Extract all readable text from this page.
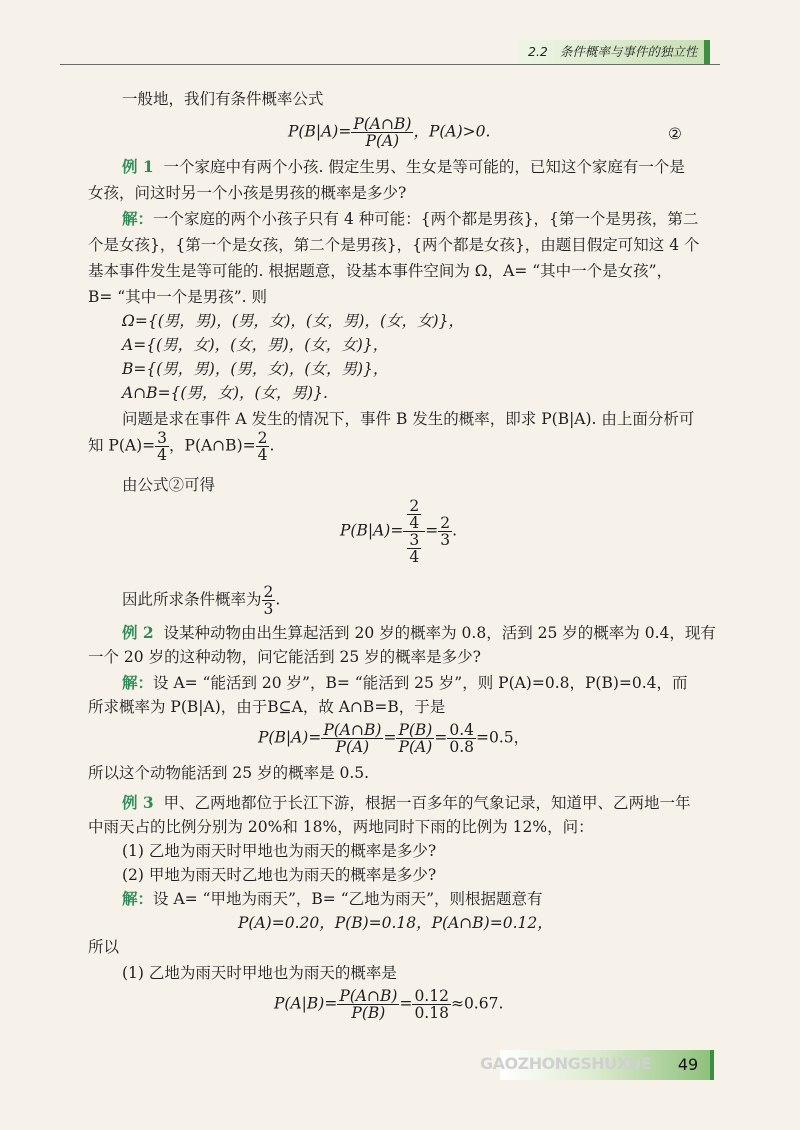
2.2 条件概率与事件的独立性
一般地，我们有条件概率公式
$P(B|A)= \frac{P(A\cap B)}{P(A)}$ ，P(A)>0.	②
例 1 一个家庭中有两个小孩. 假定生男、生女是等可能的，已知这个家庭有一个是
女孩，问这时另一个小孩是男孩的概率是多少?
解：一个家庭的两个小孩子只有 4 种可能：{两个都是男孩}，{第一个是男孩，第二
个是女孩}，{第一个是女孩，第二个是男孩}，{两个都是女孩}，由题目假定可知这 4 个
基本事件发生是等可能的. 根据题意，设基本事件空间为 Ω，A= “其中一个是女孩”，
B= “其中一个是男孩”. 则
Ω={(男，男)，(男，女)，(女，男)，(女，女)}，
A={(男，女)，(女，男)，(女，女)}，
B={(男，男)，(男，女)，(女，男)}，
A∩B={(男，女)，(女，男)}.
问题是求在事件 A 发生的情况下，事件 B 发生的概率，即求 P(B|A). 由上面分析可
知 $P(A)= \frac{3}{4}$ ，P(A∩B)= $\frac{2}{4}$ .
由公式②可得
$P(B|A)= \frac{\frac{2}{4}}{\frac{3}{4}} = \frac{2}{3}$ .
因此所求条件概率为 $\frac{2}{3}$ .
例 2 设某种动物由出生算起活到 20 岁的概率为 0.8，活到 25 岁的概率为 0.4，现有
一个 20 岁的这种动物，问它能活到 25 岁的概率是多少?
解：设 A= “能活到 20 岁”，B= “能活到 25 岁”，则 P(A)=0.8，P(B)=0.4，而
所求概率为 P(B|A)，由于B⊆A，故 A∩B=B，于是
$P(B|A)= \frac{P(A\cap B)}{P(A)} = \frac{P(B)}{P(A)} = \frac{0.4}{0.8} =0.5$，
所以这个动物能活到 25 岁的概率是 0.5.
例 3 甲、乙两地都位于长江下游，根据一百多年的气象记录，知道甲、乙两地一年
中雨天占的比例分别为 20%和 18%，两地同时下雨的比例为 12%，问：
(1) 乙地为雨天时甲地也为雨天的概率是多少?
(2) 甲地为雨天时乙地也为雨天的概率是多少?
解：设 A= “甲地为雨天”，B= “乙地为雨天”，则根据题意有
P(A)=0.20，P(B)=0.18，P(A∩B)=0.12，
所以
(1) 乙地为雨天时甲地也为雨天的概率是
$P(A|B)= \frac{P(A\cap B)}{P(B)} = \frac{0.12}{0.18} \approx 0.67$.
GAOZHONGSHUXUE	49
